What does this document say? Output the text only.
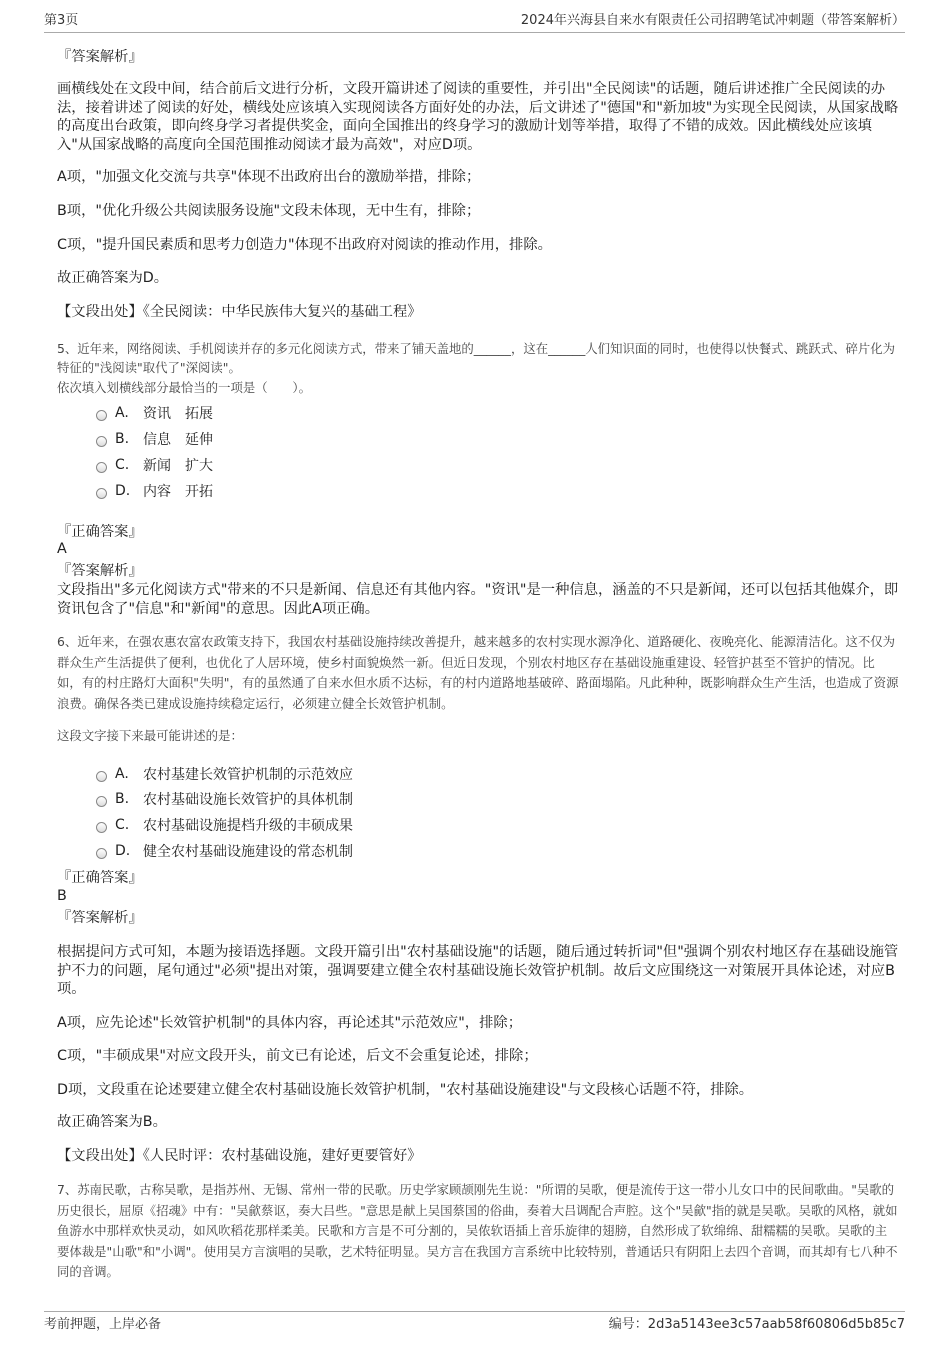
第3页	2024年兴海县自来水有限责任公司招聘笔试冲刺题（带答案解析）
『答案解析』
画横线处在文段中间，结合前后文进行分析，文段开篇讲述了阅读的重要性，并引出"全民阅读"的话题，随后讲述推广全民阅读的办法，接着讲述了阅读的好处，横线处应该填入实现阅读各方面好处的办法，后文讲述了"德国"和"新加坡"为实现全民阅读，从国家战略的高度出台政策，即向终身学习者提供奖金，面向全国推出的终身学习的激励计划等举措，取得了不错的成效。因此横线处应该填入"从国家战略的高度向全国范围推动阅读才最为高效"，对应D项。
A项，"加强文化交流与共享"体现不出政府出台的激励举措，排除；
B项，"优化升级公共阅读服务设施"文段未体现，无中生有，排除；
C项，"提升国民素质和思考力创造力"体现不出政府对阅读的推动作用，排除。
故正确答案为D。
【文段出处】《全民阅读：中华民族伟大复兴的基础工程》
5、近年来，网络阅读、手机阅读并存的多元化阅读方式，带来了铺天盖地的______，这在______人们知识面的同时，也使得以快餐式、跳跃式、碎片化为特征的"浅阅读"取代了"深阅读"。
依次填入划横线部分最恰当的一项是（　　）。
A.	资讯　拓展
B. 信息　延伸
C. 新闻　扩大
D. 内容　开拓
『正确答案』
A
『答案解析』
文段指出"多元化阅读方式"带来的不只是新闻、信息还有其他内容。"资讯"是一种信息，涵盖的不只是新闻，还可以包括其他媒介，即资讯包含了"信息"和"新闻"的意思。因此A项正确。
6、近年来，在强农惠农富农政策支持下，我国农村基础设施持续改善提升，越来越多的农村实现水源净化、道路硬化、夜晚亮化、能源清洁化。这不仅为群众生产生活提供了便利，也优化了人居环境，使乡村面貌焕然一新。但近日发现，个别农村地区存在基础设施重建设、轻管护甚至不管护的情况。比如，有的村庄路灯大面积"失明"，有的虽然通了自来水但水质不达标，有的村内道路地基破碎、路面塌陷。凡此种种，既影响群众生产生活，也造成了资源浪费。确保各类已建成设施持续稳定运行，必须建立健全长效管护机制。
这段文字接下来最可能讲述的是：
A.	农村基建长效管护机制的示范效应
B. 农村基础设施长效管护的具体机制
C. 农村基础设施提档升级的丰硕成果
D. 健全农村基础设施建设的常态机制
『正确答案』
B
『答案解析』
根据提问方式可知，本题为接语选择题。文段开篇引出"农村基础设施"的话题，随后通过转折词"但"强调个别农村地区存在基础设施管护不力的问题，尾句通过"必须"提出对策，强调要建立健全农村基础设施长效管护机制。故后文应围绕这一对策展开具体论述，对应B项。
A项，应先论述"长效管护机制"的具体内容，再论述其"示范效应"，排除；
C项，"丰硕成果"对应文段开头，前文已有论述，后文不会重复论述，排除；
D项，文段重在论述要建立健全农村基础设施长效管护机制，"农村基础设施建设"与文段核心话题不符，排除。
故正确答案为B。
【文段出处】《人民时评：农村基础设施，建好更要管好》
7、苏南民歌，古称吴歌，是指苏州、无锡、常州一带的民歌。历史学家顾颉刚先生说："所谓的吴歌，便是流传于这一带小儿女口中的民间歌曲。"吴歌的历史很长，屈原《招魂》中有："吴歈蔡讴，奏大吕些。"意思是献上吴国蔡国的俗曲，奏着大吕调配合声腔。这个"吴歈"指的就是吴歌。吴歌的风格，就如鱼游水中那样欢快灵动，如风吹稻花那样柔美。民歌和方言是不可分割的，吴侬软语插上音乐旋律的翅膀，自然形成了软绵绵、甜糯糯的吴歌。吴歌的主要体裁是"山歌"和"小调"。使用吴方言演唱的吴歌，艺术特征明显。吴方言在我国方言系统中比较特别，普通话只有阴阳上去四个音调，而其却有七八种不同的音调。
考前押题，上岸必备	编号：2d3a5143ee3c57aab58f60806d5b85c7
